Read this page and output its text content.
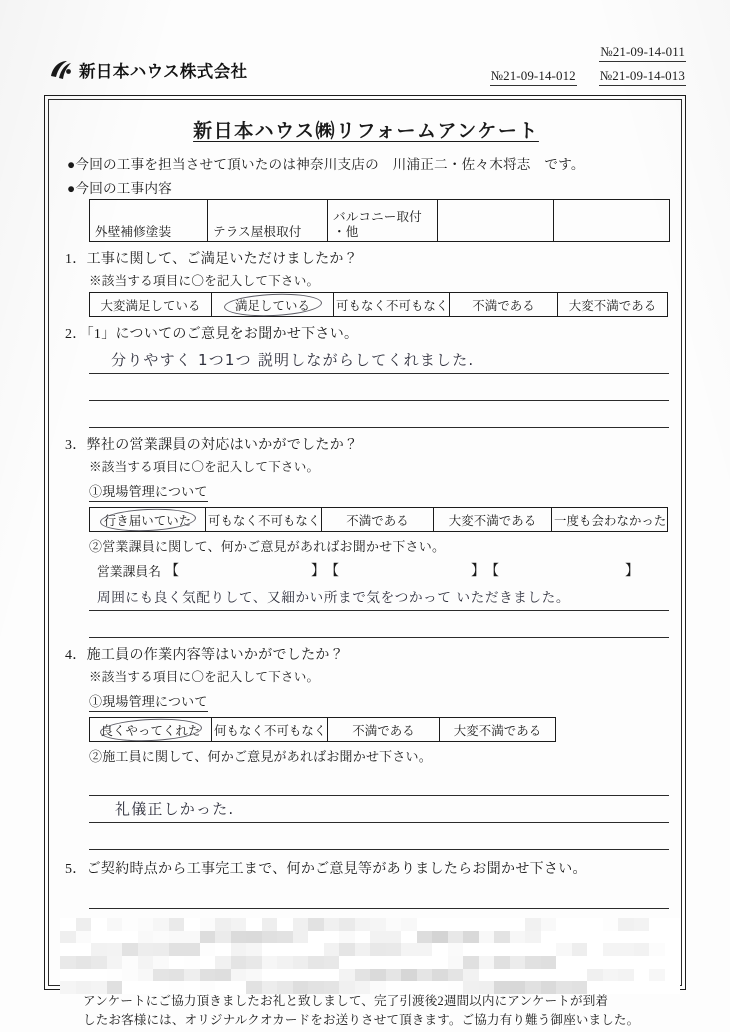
新日本ハウス株式会社
№21-09-14-011
№21-09-14-012 №21-09-14-013
新日本ハウス㈱リフォームアンケート
●今回の工事を担当させて頂いたのは神奈川支店の　川浦正二・佐々木将志　です。
●今回の工事内容
外壁補修塗装	テラス屋根取付	
バルコニー取付
・他

1．工事に関して、ご満足いただけましたか？
※該当する項目に〇を記入して下さい。
大変満足している	満足している	可もなく不可もなく	不満である	大変不満である
2．「1」についてのご意見をお聞かせ下さい。
分りやすく 1つ1つ 説明しながらしてくれました.
3．弊社の営業課員の対応はいかがでしたか？
※該当する項目に〇を記入して下さい。
①現場管理について
行き届いていた	可もなく不可もなく	不満である	大変不満である	一度も会わなかった
②営業課員に関して、何かご意見があればお聞かせ下さい。
営業課員名 【	】 【	】 【	】
周囲にも良く気配りして、又細かい所まで気をつかって いただきました。
4．施工員の作業内容等はいかがでしたか？
※該当する項目に〇を記入して下さい。
①現場管理について
良くやってくれた	何もなく不可もなく	不満である	大変不満である
②施工員に関して、何かご意見があればお聞かせ下さい。
礼儀正しかった.
5．ご契約時点から工事完工まで、何かご意見等がありましたらお聞かせ下さい。
アンケートにご協力頂きましたお礼と致しまして、完了引渡後2週間以内にアンケートが到着
したお客様には、オリジナルクオカードをお送りさせて頂きます。ご協力有り難う御座いました。
